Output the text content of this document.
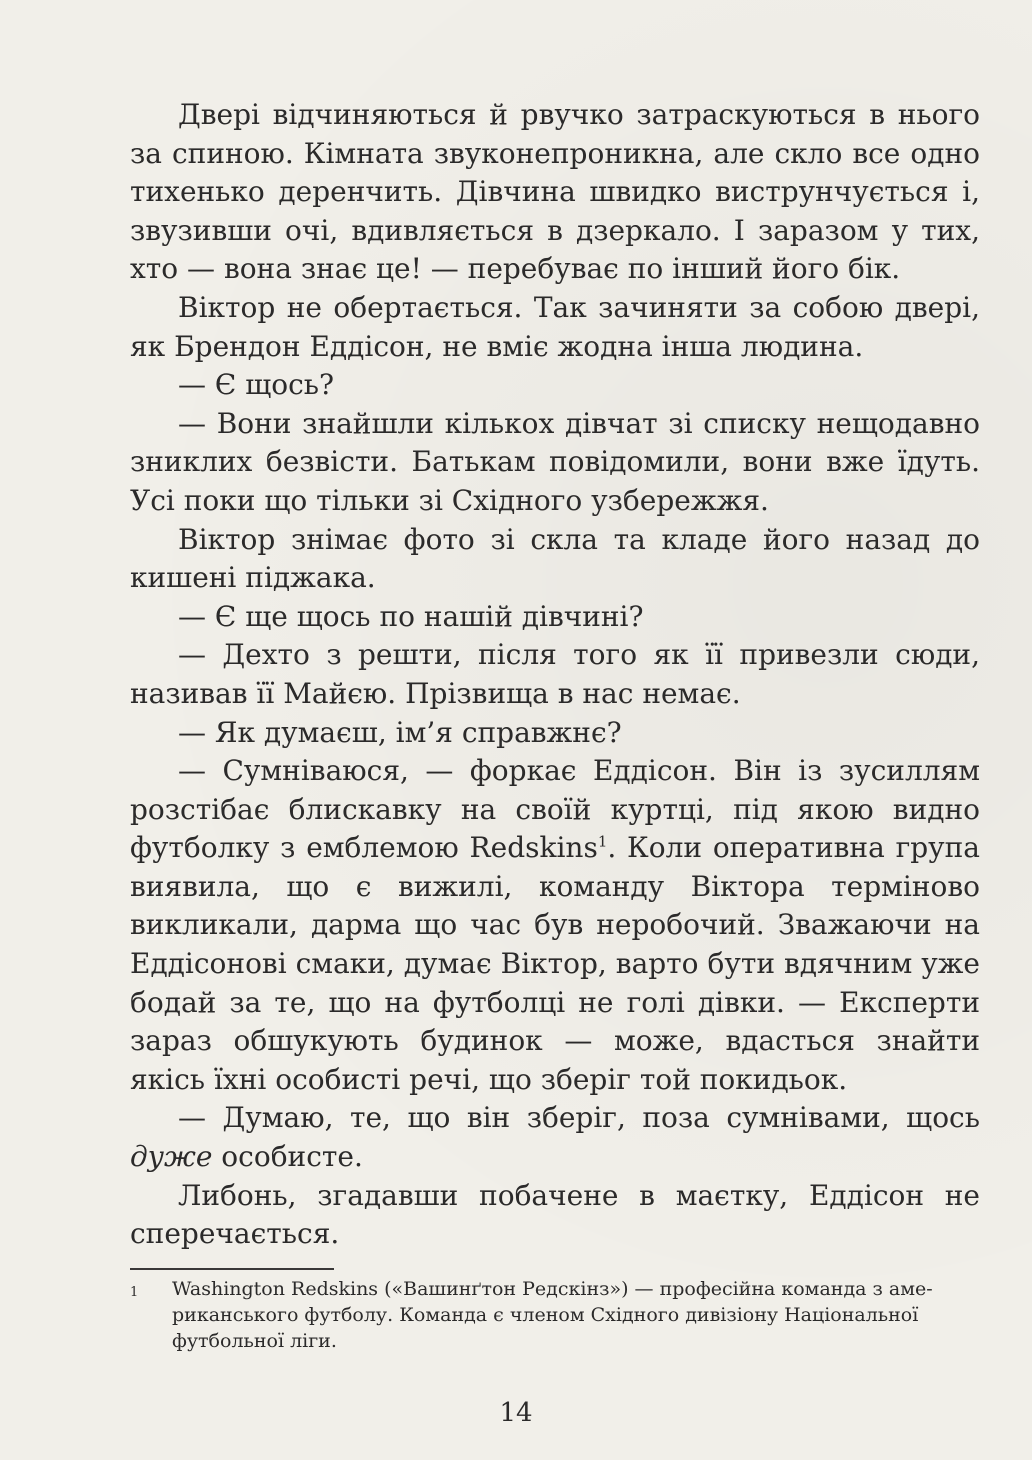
Двері відчиняються й рвучко затраскуються в нього за спиною. Кімната звуконепроникна, але скло все одно тихенько деренчить. Дівчина швидко виструнчується і, звузивши очі, вдивляється в дзеркало. І заразом у тих, хто — вона знає це! — перебуває по інший його бік.

Віктор не обертається. Так зачиняти за собою двері, як Брендон Еддісон, не вміє жодна інша людина.

— Є щось?

— Вони знайшли кількох дівчат зі списку нещодавно зниклих безвісти. Батькам повідомили, вони вже їдуть. Усі поки що тільки зі Східного узбережжя.

Віктор знімає фото зі скла та кладе його назад до кишені піджака.

— Є ще щось по нашій дівчині?

— Дехто з решти, після того як її привезли сюди, називав її Майєю. Прізвища в нас немає.

— Як думаєш, ім’я справжнє?

— Сумніваюся, — форкає Еддісон. Він із зусиллям розстібає блискавку на своїй куртці, під якою видно футболку з емблемою Redskins$^1$. Коли оперативна група виявила, що є вижилі, команду Віктора терміново викликали, дарма що час був неробочий. Зважаючи на Еддісонові смаки, думає Віктор, варто бути вдячним уже бодай за те, що на футболці не голі дівки. — Експерти зараз обшукують будинок — може, вдасться знайти якісь їхні особисті речі, що зберіг той покидьок.

— Думаю, те, що він зберіг, поза сумнівами, щось дуже особисте.

Либонь, згадавши побачене в маєтку, Еддісон не сперечається.

1 Washington Redskins («Вашинґтон Редскінз») — професійна команда з аме-
риканського футболу. Команда є членом Східного дивізіону Національної
футбольної ліги.

14
